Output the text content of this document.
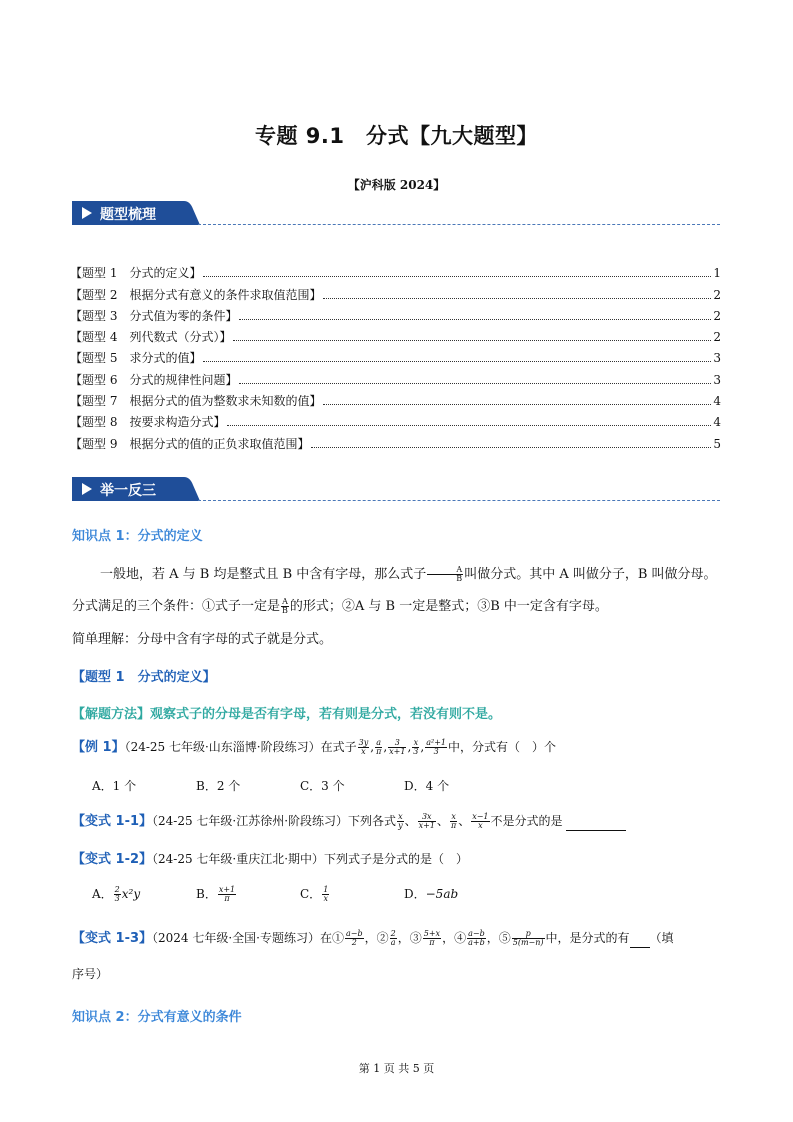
专题 9.1　分式【九大题型】
【沪科版 2024】
题型梳理
【题型 1　分式的定义】	1
【题型 2　根据分式有意义的条件求取值范围】	2
【题型 3　分式值为零的条件】	2
【题型 4　列代数式（分式）】	2
【题型 5　求分式的值】	3
【题型 6　分式的规律性问题】	3
【题型 7　根据分式的值为整数求未知数的值】	4
【题型 8　按要求构造分式】	4
【题型 9　根据分式的值的正负求取值范围】	5
举一反三
知识点 1：分式的定义
一般地，若 A 与 B 均是整式且 B 中含有字母，那么式子 $\frac{A}{B}$ 叫做分式。其中 A 叫做分子，B 叫做分母。
分式满足的三个条件：①式子一定是 $\frac{A}{B}$ 的形式；②A 与 B 一定是整式；③B 中一定含有字母。
简单理解：分母中含有字母的式子就是分式。
【题型 1　分式的定义】
【解题方法】观察式子的分母是否有字母，若有则是分式，若没有则不是。
【例 1】（24-25 七年级·山东淄博·阶段练习）在式子 $\frac{3y}{x}$ , $\frac{a}{\pi}$ , $\frac{3}{x+1}$ , $\frac{x}{3}$ , $\frac{\text{a²+1}}{3}$ 中，分式有（　）个
A．1 个	B．2 个	C．3 个	D．4 个
【变式 1-1】（24-25 七年级·江苏徐州·阶段练习）下列各式 $\frac{x}{y}$ 、 $\frac{3x}{x+1}$ 、 $\frac{x}{\pi}$ 、 $\frac{x-1}{x}$ 不是分式的是
【变式 1-2】（24-25 七年级·重庆江北·期中）下列式子是分式的是（　）
A． $\frac{2}{3} x^2y$	B． $\frac{x+1}{\pi}$	C． $\frac{1}{x}$	D．−5ab
【变式 1-3】（2024 七年级·全国·专题练习）在① $\frac{a-b}{2}$ ，② $\frac{2}{a}$ ，③ $\frac{5+x}{\pi}$ ，④ $\frac{a-b}{a+b}$ ，⑤ $\frac{p}{5(m-n)}$ 中，是分式的有 （填
序号）
知识点 2：分式有意义的条件
第 1 页 共 5 页
